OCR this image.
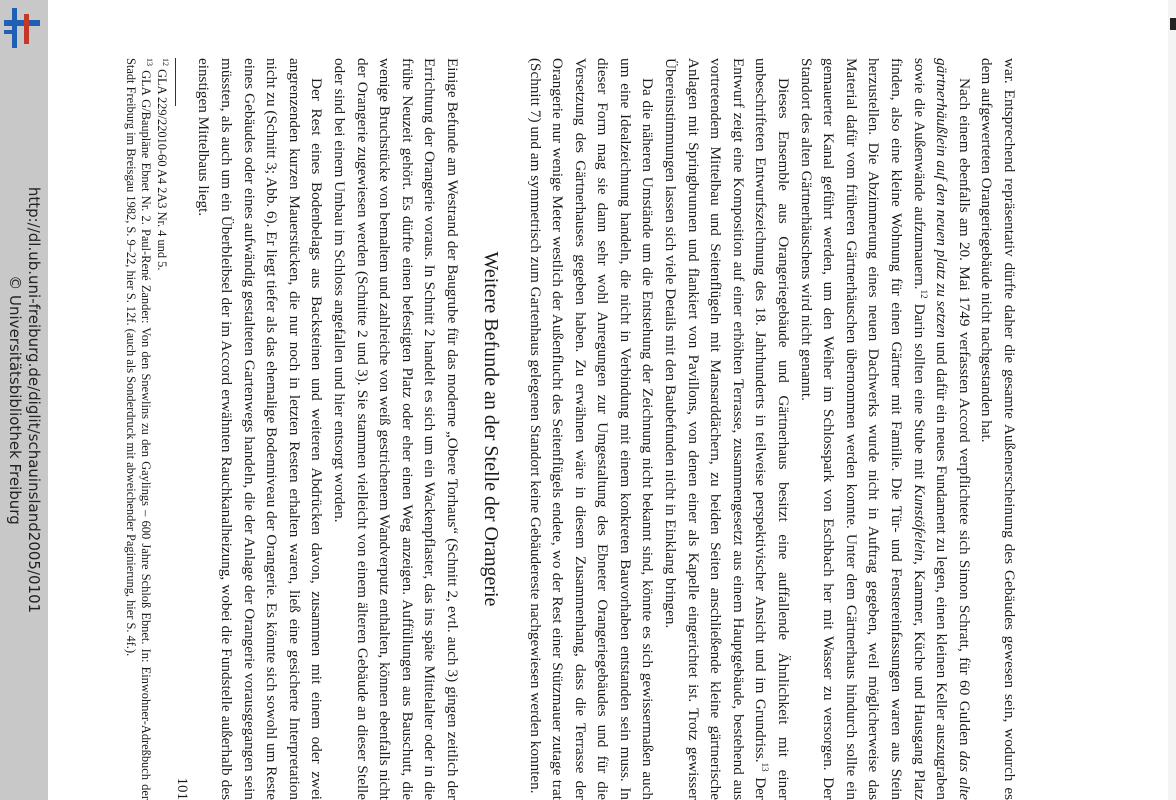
http://dl.ub.uni-freiburg.de/diglit/schauinsland2005/0101
© Universitätsbibliothek Freiburg	war. Entsprechend repräsentativ dürfte daher die gesamte Außenerscheinung des Gebäudes gewesen sein, wodurch es dem aufgewerteten Orangeriegebäude nicht nachgestanden hat.

Nach einem ebenfalls am 20. Mai 1749 verfassten Accord verpflichtete sich Simon Schratt, für 60 Gulden das alte gärtnerhäußlein auf den neuen platz zu setzen und dafür ein neues Fundament zu legen, einen kleinen Keller auszugraben sowie die Außenwände aufzumauern.$^{12}$ Darin sollten eine Stube mit Kunstöfelein, Kammer, Küche und Hausgang Platz finden, also eine kleine Wohnung für einen Gärtner mit Familie. Die Tür- und Fenstereinfassungen waren aus Stein herzustellen. Die Abzimmerung eines neuen Dachwerks wurde nicht in Auftrag gegeben, weil möglicherweise das Material dafür vom früheren Gärtnerhäuschen übernommen werden konnte. Unter dem Gärtnerhaus hindurch sollte ein gemauerter Kanal geführt werden, um den Weiher im Schlosspark von Eschbach her mit Wasser zu versorgen. Der Standort des alten Gärtnerhäuschens wird nicht genannt.

Dieses Ensemble aus Orangeriegebäude und Gärtnerhaus besitzt eine auffallende Ähnlichkeit mit einer unbeschrifteten Entwurfszeichnung des 18. Jahrhunderts in teilweise perspektivischer Ansicht und im Grundriss.$^{13}$ Der Entwurf zeigt eine Komposition auf einer erhöhten Terrasse, zusammengesetzt aus einem Hauptgebäude, bestehend aus vortretendem Mittelbau und Seitenflügeln mit Mansarddächern, zu beiden Seiten anschließende kleine gärtnerische Anlagen mit Springbrunnen und flankiert von Pavillons, von denen einer als Kapelle eingerichtet ist. Trotz gewisser Übereinstimmungen lassen sich viele Details mit den Baubefunden nicht in Einklang bringen.

Da die näheren Umstände um die Entstehung der Zeichnung nicht bekannt sind, könnte es sich gewissermaßen auch um eine Idealzeichnung handeln, die nicht in Verbindung mit einem konkreten Bauvorhaben entstanden sein muss. In dieser Form mag sie dann sehr wohl Anregungen zur Umgestaltung des Ebneter Orangeriegebäudes und für die Versetzung des Gärtnerhauses gegeben haben. Zu erwähnen wäre in diesem Zusammenhang, dass die Terrasse der Orangerie nur wenige Meter westlich der Außenflucht des Seitenflügels endete, wo der Rest einer Stützmauer zutage trat (Schnitt 7) und am symmetrisch zum Gartenhaus gelegenen Standort keine Gebäudereste nachgewiesen werden konnten.

Weitere Befunde an der Stelle der Orangerie

Einige Befunde am Westrand der Baugrube für das moderne „Obere Torhaus“ (Schnitt 2, evtl. auch 3) gingen zeitlich der Errichtung der Orangerie voraus. In Schnitt 2 handelt es sich um ein Wackenpflaster, das ins späte Mittelalter oder in die frühe Neuzeit gehört. Es dürfte einen befestigten Platz oder eher einen Weg anzeigen. Auffüllungen aus Bauschutt, die wenige Bruchstücke von bemaltem und zahlreiche von weiß gestrichenem Wandverputz enthalten, können ebenfalls nicht der Orangerie zugewiesen werden (Schnitte 2 und 3). Sie stammen vielleicht von einem älteren Gebäude an dieser Stelle oder sind bei einem Umbau im Schloss angefallen und hier entsorgt worden.

Der Rest eines Bodenbelags aus Backsteinen und weiteren Abdrücken davon, zusammen mit einem oder zwei angrenzenden kurzen Mauerstücken, die nur noch in letzten Resten erhalten waren, ließ eine gesicherte Interpretation nicht zu (Schnitt 3; Abb. 6). Er liegt tiefer als das ehemalige Bodenniveau der Orangerie. Es könnte sich sowohl um Reste eines Gebäudes oder eines aufwändig gestalteten Gartenwegs handeln, die der Anlage der Orangerie vorausgegangen sein müssten, als auch um ein Überbleibsel der im Accord erwähnten Rauchkanalheizung, wobei die Fundstelle außerhalb des einstigen Mittelbaus liegt.

$^{12}$ GLA 229/22010-60 A4 2A3 Nr. 4 und 5.

$^{13}$ GLA G/Baupläne Ebnet Nr. 2. Paul-René Zander: Von den Snewlins zu den Gaylings – 600 Jahre Schloß Ebnet. In: Einwohner-Adreßbuch der Stadt Freiburg im Breisgau 1982, S. 9–22, hier S. 12f. (auch als Sonderdruck mit abweichender Paginierung, hier S. 4f.).

101
